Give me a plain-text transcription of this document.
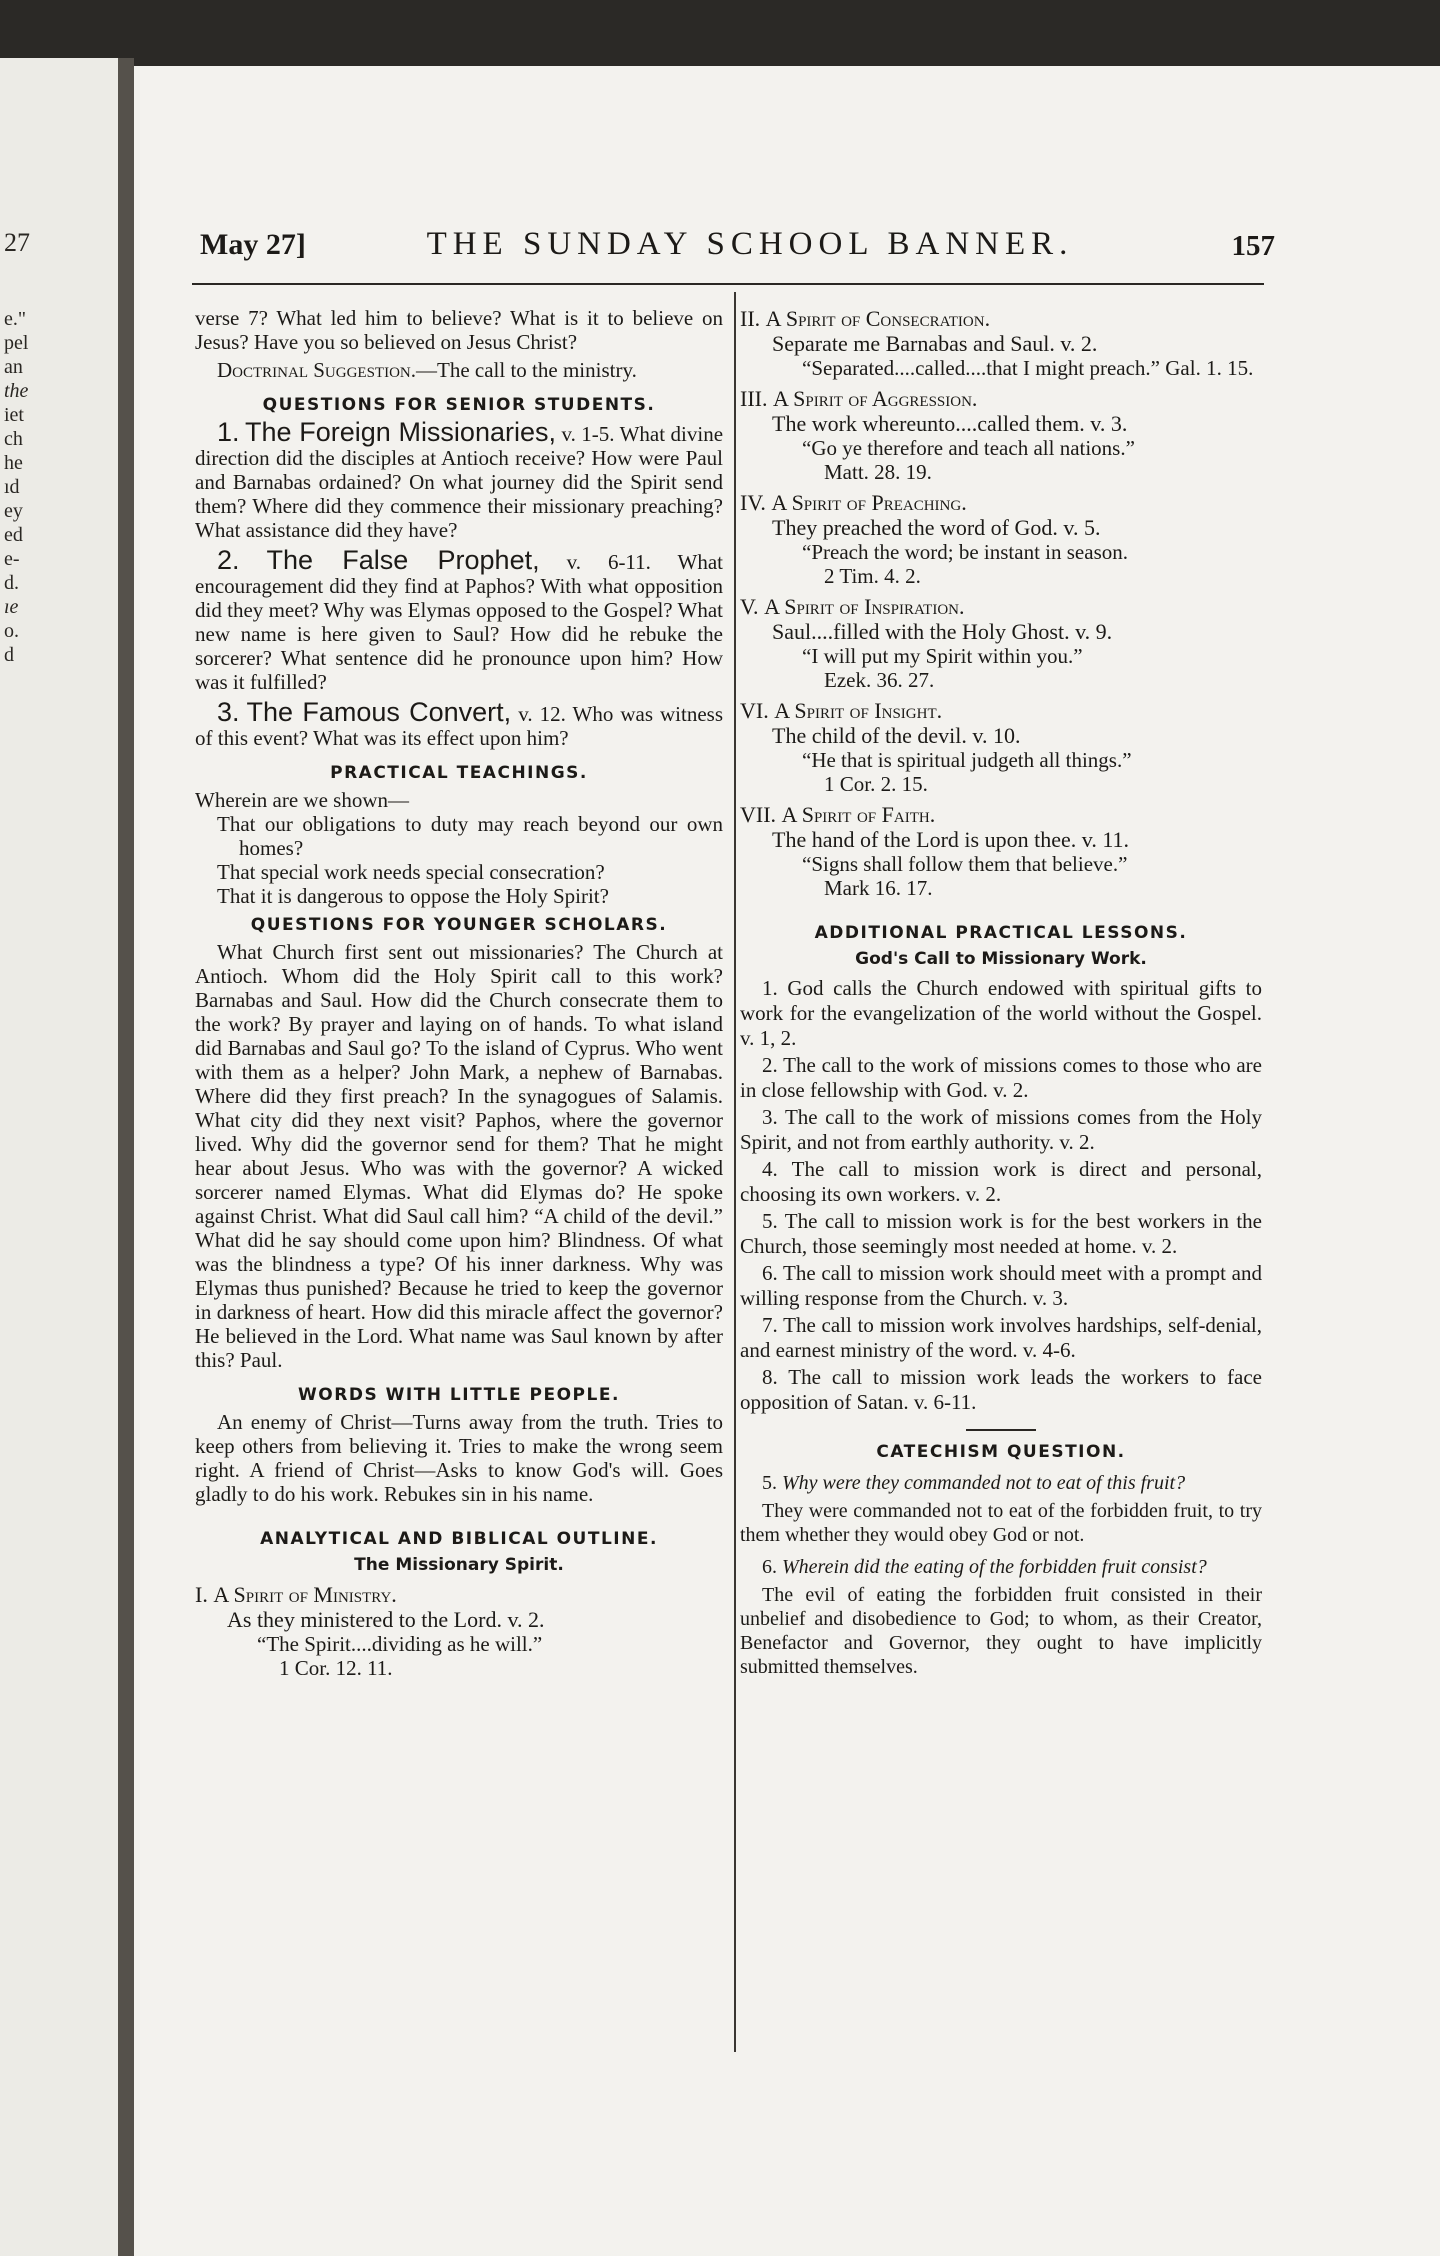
27
e."
pel
an
the
iet
ch
he
ıd
ey
ed
e-
d.
ıe
o.
d
May 27]	THE SUNDAY SCHOOL BANNER.	157

verse 7? What led him to believe? What is it to believe on Jesus? Have you so believed on Jesus Christ?

Doctrinal Suggestion.—The call to the ministry.

QUESTIONS FOR SENIOR STUDENTS.

1. The Foreign Missionaries, v. 1-5. What divine direction did the disciples at Antioch receive? How were Paul and Barnabas ordained? On what journey did the Spirit send them? Where did they commence their missionary preaching? What assistance did they have?

2. The False Prophet, v. 6-11. What encouragement did they find at Paphos? With what opposition did they meet? Why was Elymas opposed to the Gospel? What new name is here given to Saul? How did he rebuke the sorcerer? What sentence did he pronounce upon him? How was it fulfilled?

3. The Famous Convert, v. 12. Who was witness of this event? What was its effect upon him?

PRACTICAL TEACHINGS.

Wherein are we shown—

That our obligations to duty may reach beyond our own homes?

That special work needs special consecration?

That it is dangerous to oppose the Holy Spirit?

QUESTIONS FOR YOUNGER SCHOLARS.

What Church first sent out missionaries? The Church at Antioch. Whom did the Holy Spirit call to this work? Barnabas and Saul. How did the Church consecrate them to the work? By prayer and laying on of hands. To what island did Barnabas and Saul go? To the island of Cyprus. Who went with them as a helper? John Mark, a nephew of Barnabas. Where did they first preach? In the synagogues of Salamis. What city did they next visit? Paphos, where the governor lived. Why did the governor send for them? That he might hear about Jesus. Who was with the governor? A wicked sorcerer named Elymas. What did Elymas do? He spoke against Christ. What did Saul call him? “A child of the devil.” What did he say should come upon him? Blindness. Of what was the blindness a type? Of his inner darkness. Why was Elymas thus punished? Because he tried to keep the governor in darkness of heart. How did this miracle affect the governor? He believed in the Lord. What name was Saul known by after this? Paul.

WORDS WITH LITTLE PEOPLE.

An enemy of Christ—Turns away from the truth. Tries to keep others from believing it. Tries to make the wrong seem right. A friend of Christ—Asks to know God's will. Goes gladly to do his work. Rebukes sin in his name.

ANALYTICAL AND BIBLICAL OUTLINE.
The Missionary Spirit.
I. A Spirit of Ministry.
As they ministered to the Lord. v. 2.
“The Spirit....dividing as he will.”
1 Cor. 12. 11.
II. A Spirit of Consecration.
Separate me Barnabas and Saul. v. 2.
“Separated....called....that I might preach.” Gal. 1. 15.
III. A Spirit of Aggression.
The work whereunto....called them. v. 3.
“Go ye therefore and teach all nations.”
Matt. 28. 19.
IV. A Spirit of Preaching.
They preached the word of God. v. 5.
“Preach the word; be instant in season.
2 Tim. 4. 2.
V. A Spirit of Inspiration.
Saul....filled with the Holy Ghost. v. 9.
“I will put my Spirit within you.”
Ezek. 36. 27.
VI. A Spirit of Insight.
The child of the devil. v. 10.
“He that is spiritual judgeth all things.”
1 Cor. 2. 15.
VII. A Spirit of Faith.
The hand of the Lord is upon thee. v. 11.
“Signs shall follow them that believe.”
Mark 16. 17.
ADDITIONAL PRACTICAL LESSONS.
God's Call to Missionary Work.

1. God calls the Church endowed with spiritual gifts to work for the evangelization of the world without the Gospel. v. 1, 2.

2. The call to the work of missions comes to those who are in close fellowship with God. v. 2.

3. The call to the work of missions comes from the Holy Spirit, and not from earthly authority. v. 2.

4. The call to mission work is direct and personal, choosing its own workers. v. 2.

5. The call to mission work is for the best workers in the Church, those seemingly most needed at home. v. 2.

6. The call to mission work should meet with a prompt and willing response from the Church. v. 3.

7. The call to mission work involves hardships, self-denial, and earnest ministry of the word. v. 4-6.

8. The call to mission work leads the workers to face opposition of Satan. v. 6-11.

CATECHISM QUESTION.

5. Why were they commanded not to eat of this fruit?

They were commanded not to eat of the forbidden fruit, to try them whether they would obey God or not.

6. Wherein did the eating of the forbidden fruit consist?

The evil of eating the forbidden fruit consisted in their unbelief and disobedience to God; to whom, as their Creator, Benefactor and Governor, they ought to have implicitly submitted themselves.
